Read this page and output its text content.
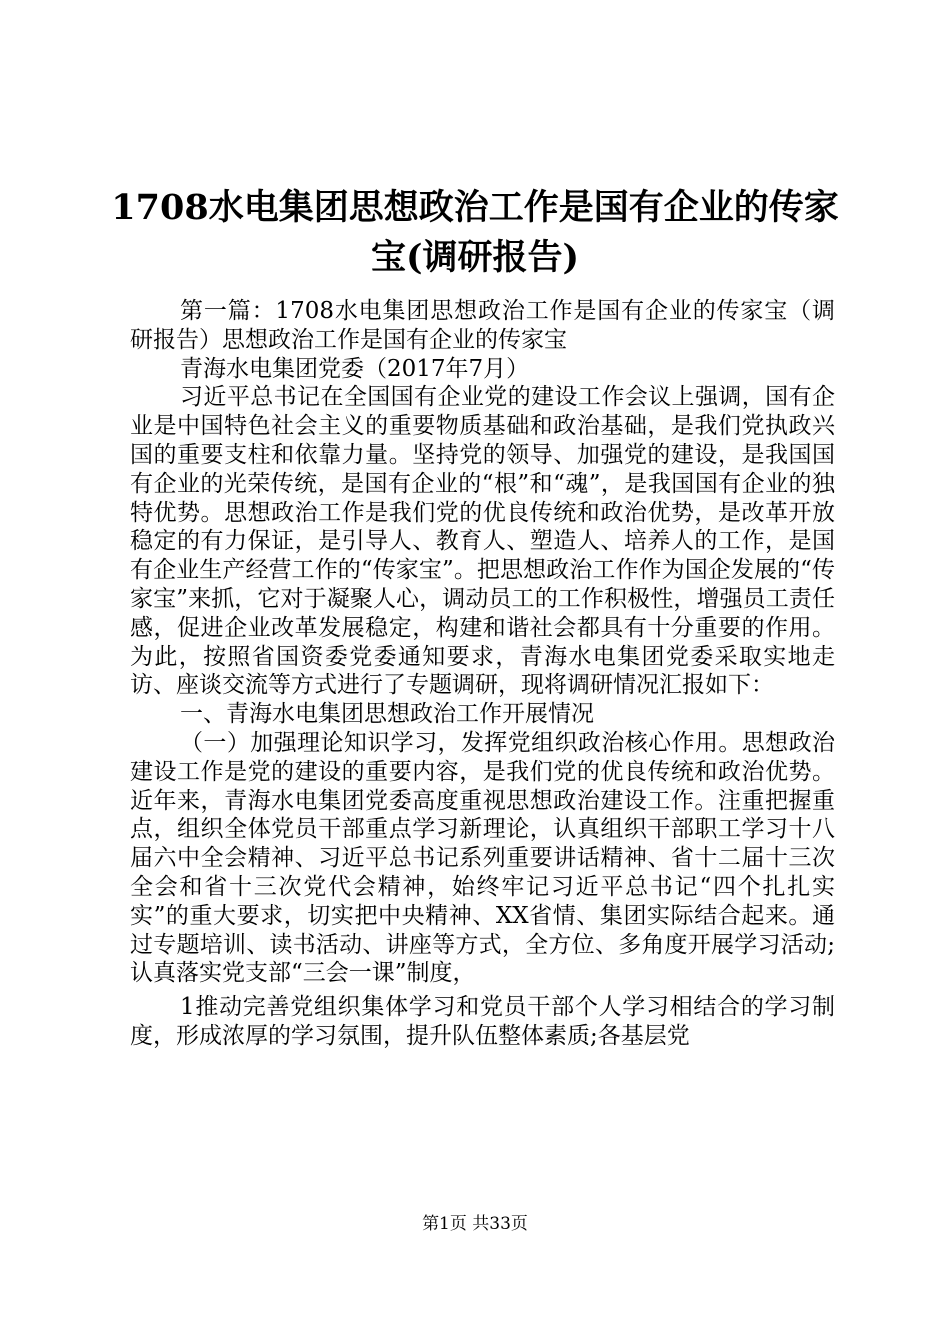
1708水电集团思想政治工作是国有企业的传家宝(调研报告)

第一篇：1708水电集团思想政治工作是国有企业的传家宝（调研报告）思想政治工作是国有企业的传家宝

青海水电集团党委（2017年7月）

习近平总书记在全国国有企业党的建设工作会议上强调，国有企业是中国特色社会主义的重要物质基础和政治基础，是我们党执政兴国的重要支柱和依靠力量。坚持党的领导、加强党的建设，是我国国有企业的光荣传统，是国有企业的“根”和“魂”，是我国国有企业的独特优势。思想政治工作是我们党的优良传统和政治优势，是改革开放稳定的有力保证，是引导人、教育人、塑造人、培养人的工作，是国有企业生产经营工作的“传家宝”。把思想政治工作作为国企发展的“传家宝”来抓，它对于凝聚人心，调动员工的工作积极性，增强员工责任感，促进企业改革发展稳定，构建和谐社会都具有十分重要的作用。为此，按照省国资委党委通知要求，青海水电集团党委采取实地走访、座谈交流等方式进行了专题调研，现将调研情况汇报如下：

一、青海水电集团思想政治工作开展情况

（一）加强理论知识学习，发挥党组织政治核心作用。思想政治建设工作是党的建设的重要内容，是我们党的优良传统和政治优势。近年来，青海水电集团党委高度重视思想政治建设工作。注重把握重点，组织全体党员干部重点学习新理论，认真组织干部职工学习十八届六中全会精神、习近平总书记系列重要讲话精神、省十二届十三次全会和省十三次党代会精神，始终牢记习近平总书记“四个扎扎实实”的重大要求，切实把中央精神、XX省情、集团实际结合起来。通过专题培训、读书活动、讲座等方式，全方位、多角度开展学习活动;认真落实党支部“三会一课”制度，

1推动完善党组织集体学习和党员干部个人学习相结合的学习制度，形成浓厚的学习氛围，提升队伍整体素质;各基层党

第1页 共33页
